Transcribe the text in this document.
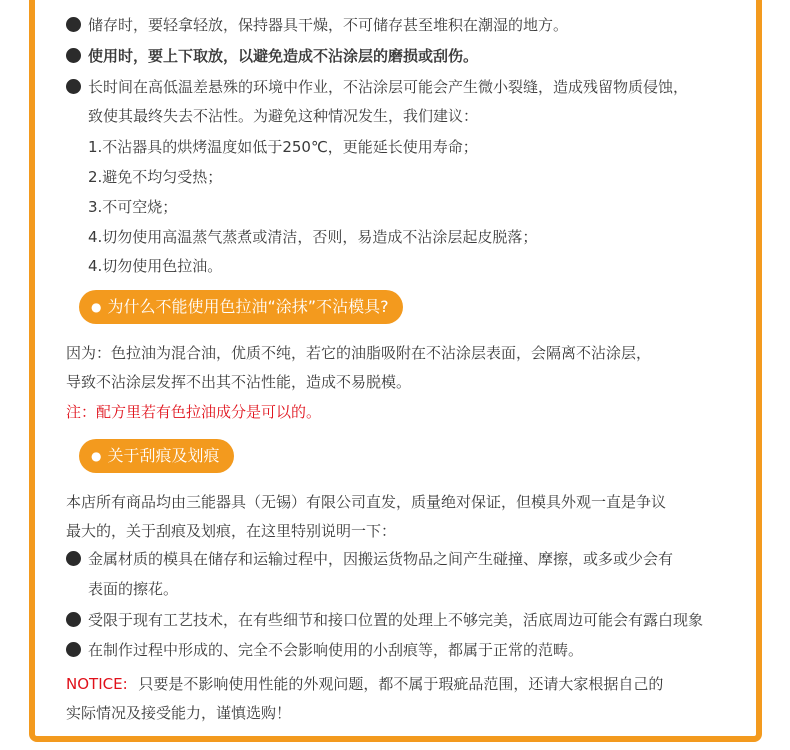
储存时，要轻拿轻放，保持器具干燥，不可储存甚至堆积在潮湿的地方。
使用时，要上下取放，以避免造成不沾涂层的磨损或刮伤。
长时间在高低温差悬殊的环境中作业，不沾涂层可能会产生微小裂缝，造成残留物质侵蚀，
致使其最终失去不沾性。为避免这种情况发生，我们建议：
1.不沾器具的烘烤温度如低于250℃，更能延长使用寿命；
2.避免不均匀受热；
3.不可空烧；
4.切勿使用高温蒸气蒸煮或清洁，否则，易造成不沾涂层起皮脱落；
4.切勿使用色拉油。
● 为什么不能使用色拉油“涂抹”不沾模具?
因为：色拉油为混合油，优质不纯，若它的油脂吸附在不沾涂层表面，会隔离不沾涂层，
导致不沾涂层发挥不出其不沾性能，造成不易脱模。
注：配方里若有色拉油成分是可以的。
● 关于刮痕及划痕
本店所有商品均由三能器具（无锡）有限公司直发，质量绝对保证，但模具外观一直是争议
最大的，关于刮痕及划痕，在这里特别说明一下：
金属材质的模具在储存和运输过程中，因搬运货物品之间产生碰撞、摩擦，或多或少会有
表面的擦花。
受限于现有工艺技术，在有些细节和接口位置的处理上不够完美，活底周边可能会有露白现象
在制作过程中形成的、完全不会影响使用的小刮痕等，都属于正常的范畴。
NOTICE: 只要是不影响使用性能的外观问题，都不属于瑕疵品范围，还请大家根据自己的
实际情况及接受能力，谨慎选购！
